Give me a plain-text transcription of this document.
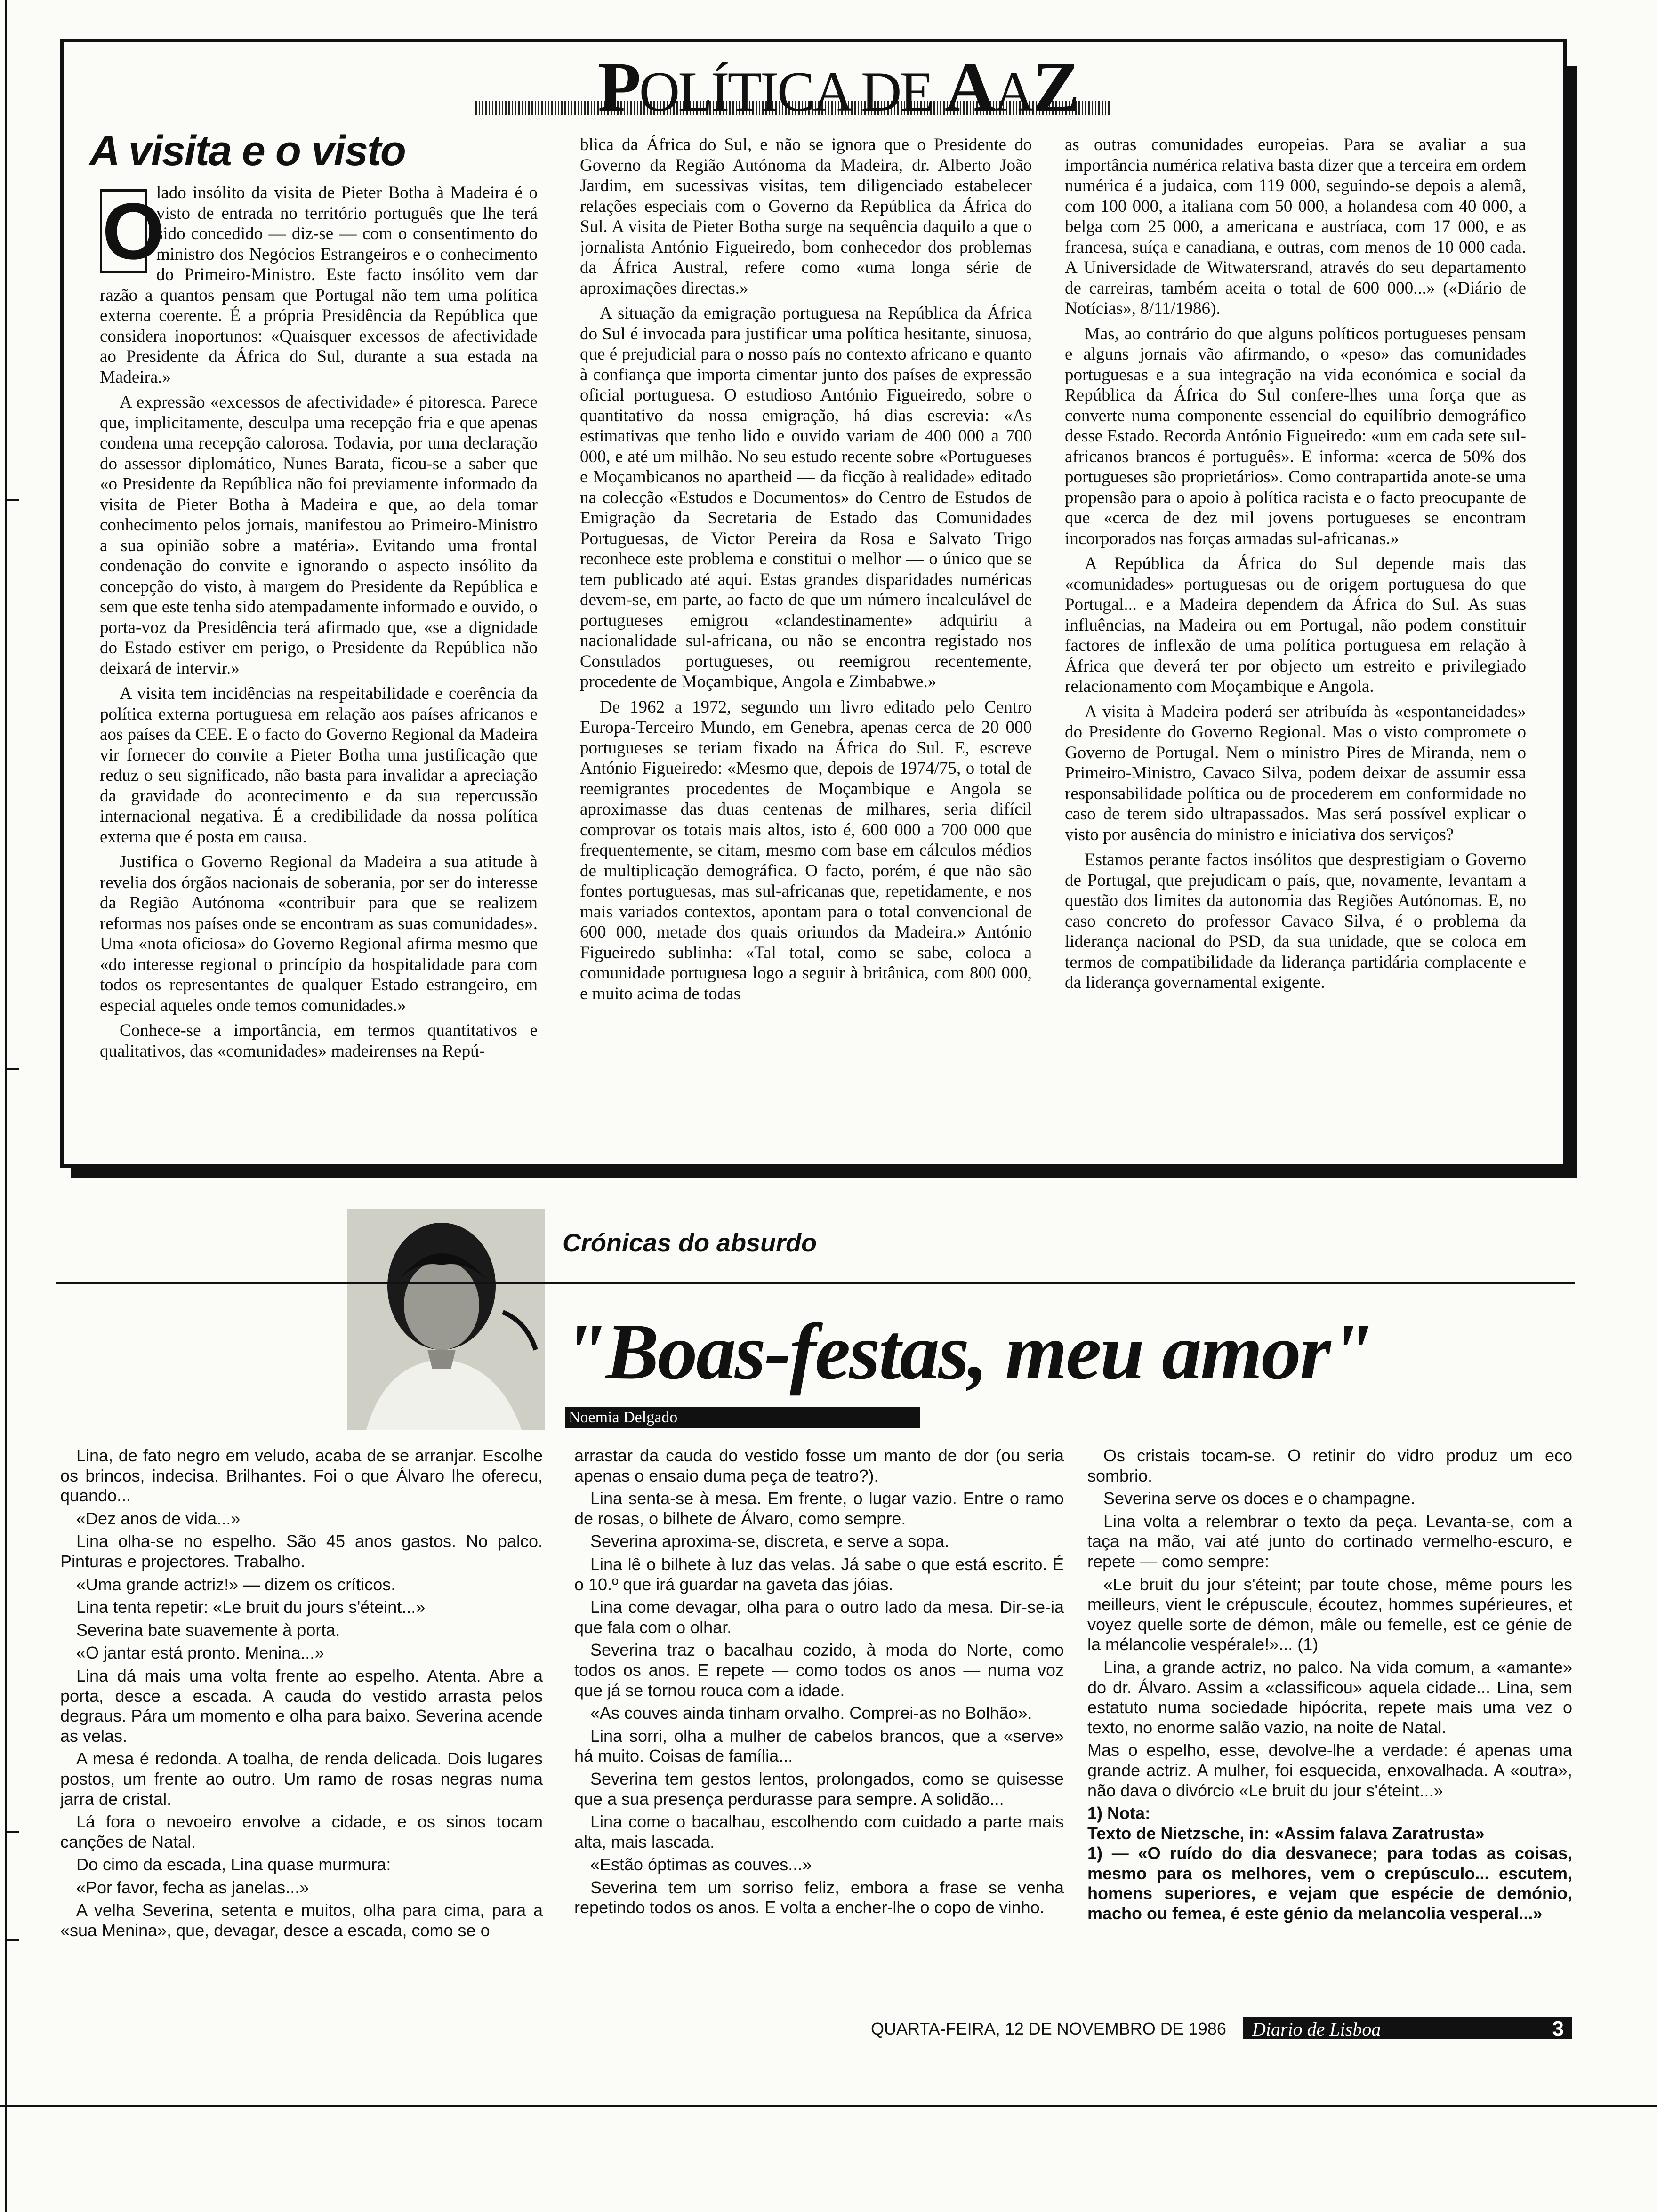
POLÍTICA DE AAZ
A visita e o visto
O

lado insólito da visita de Pieter Botha à Madeira é o visto de entrada no território português que lhe terá sido concedido — diz-se — com o consentimento do ministro dos Negócios Estrangeiros e o conhecimento do Primeiro-Ministro. Este facto insólito vem dar razão a quantos pensam que Portugal não tem uma política externa coerente. É a própria Presidência da República que considera inoportunos: «Quaisquer excessos de afectividade ao Presidente da África do Sul, durante a sua estada na Madeira.»

A expressão «excessos de afectividade» é pitoresca. Parece que, implicitamente, desculpa uma recepção fria e que apenas condena uma recepção calorosa. Todavia, por uma declaração do assessor diplomático, Nunes Barata, ficou-se a saber que «o Presidente da República não foi previamente informado da visita de Pieter Botha à Madeira e que, ao dela tomar conhecimento pelos jornais, manifestou ao Primeiro-Ministro a sua opinião sobre a matéria». Evitando uma frontal condenação do convite e ignorando o aspecto insólito da concepção do visto, à margem do Presidente da República e sem que este tenha sido atempadamente informado e ouvido, o porta-voz da Presidência terá afirmado que, «se a dignidade do Estado estiver em perigo, o Presidente da República não deixará de intervir.»

A visita tem incidências na respeitabilidade e coerência da política externa portuguesa em relação aos países africanos e aos países da CEE. E o facto do Governo Regional da Madeira vir fornecer do convite a Pieter Botha uma justificação que reduz o seu significado, não basta para invalidar a apreciação da gravidade do acontecimento e da sua repercussão internacional negativa. É a credibilidade da nossa política externa que é posta em causa.

Justifica o Governo Regional da Madeira a sua atitude à revelia dos órgãos nacionais de soberania, por ser do interesse da Região Autónoma «contribuir para que se realizem reformas nos países onde se encontram as suas comunidades». Uma «nota oficiosa» do Governo Regional afirma mesmo que «do interesse regional o princípio da hospitalidade para com todos os representantes de qualquer Estado estrangeiro, em especial aqueles onde temos comunidades.»

Conhece-se a importância, em termos quantitativos e qualitativos, das «comunidades» madeirenses na Repú-

blica da África do Sul, e não se ignora que o Presidente do Governo da Região Autónoma da Madeira, dr. Alberto João Jardim, em sucessivas visitas, tem diligenciado estabelecer relações especiais com o Governo da República da África do Sul. A visita de Pieter Botha surge na sequência daquilo a que o jornalista António Figueiredo, bom conhecedor dos problemas da África Austral, refere como «uma longa série de aproximações directas.»

A situação da emigração portuguesa na República da África do Sul é invocada para justificar uma política hesitante, sinuosa, que é prejudicial para o nosso país no contexto africano e quanto à confiança que importa cimentar junto dos países de expressão oficial portuguesa. O estudioso António Figueiredo, sobre o quantitativo da nossa emigração, há dias escrevia: «As estimativas que tenho lido e ouvido variam de 400 000 a 700 000, e até um milhão. No seu estudo recente sobre «Portugueses e Moçambicanos no apartheid — da ficção à realidade» editado na colecção «Estudos e Documentos» do Centro de Estudos de Emigração da Secretaria de Estado das Comunidades Portuguesas, de Victor Pereira da Rosa e Salvato Trigo reconhece este problema e constitui o melhor — o único que se tem publicado até aqui. Estas grandes disparidades numéricas devem-se, em parte, ao facto de que um número incalculável de portugueses emigrou «clandestinamente» adquiriu a nacionalidade sul-africana, ou não se encontra registado nos Consulados portugueses, ou reemigrou recentemente, procedente de Moçambique, Angola e Zimbabwe.»

De 1962 a 1972, segundo um livro editado pelo Centro Europa-Terceiro Mundo, em Genebra, apenas cerca de 20 000 portugueses se teriam fixado na África do Sul. E, escreve António Figueiredo: «Mesmo que, depois de 1974/75, o total de reemigrantes procedentes de Moçambique e Angola se aproximasse das duas centenas de milhares, seria difícil comprovar os totais mais altos, isto é, 600 000 a 700 000 que frequentemente, se citam, mesmo com base em cálculos médios de multiplicação demográfica. O facto, porém, é que não são fontes portuguesas, mas sul-africanas que, repetidamente, e nos mais variados contextos, apontam para o total convencional de 600 000, metade dos quais oriundos da Madeira.» António Figueiredo sublinha: «Tal total, como se sabe, coloca a comunidade portuguesa logo a seguir à britânica, com 800 000, e muito acima de todas

as outras comunidades europeias. Para se avaliar a sua importância numérica relativa basta dizer que a terceira em ordem numérica é a judaica, com 119 000, seguindo-se depois a alemã, com 100 000, a italiana com 50 000, a holandesa com 40 000, a belga com 25 000, a americana e austríaca, com 17 000, e as francesa, suíça e canadiana, e outras, com menos de 10 000 cada. A Universidade de Witwatersrand, através do seu departamento de carreiras, também aceita o total de 600 000...» («Diário de Notícias», 8/11/1986).

Mas, ao contrário do que alguns políticos portugueses pensam e alguns jornais vão afirmando, o «peso» das comunidades portuguesas e a sua integração na vida económica e social da República da África do Sul confere-lhes uma força que as converte numa componente essencial do equilíbrio demográfico desse Estado. Recorda António Figueiredo: «um em cada sete sul-africanos brancos é português». E informa: «cerca de 50% dos portugueses são proprietários». Como contrapartida anote-se uma propensão para o apoio à política racista e o facto preocupante de que «cerca de dez mil jovens portugueses se encontram incorporados nas forças armadas sul-africanas.»

A República da África do Sul depende mais das «comunidades» portuguesas ou de origem portuguesa do que Portugal... e a Madeira dependem da África do Sul. As suas influências, na Madeira ou em Portugal, não podem constituir factores de inflexão de uma política portuguesa em relação à África que deverá ter por objecto um estreito e privilegiado relacionamento com Moçambique e Angola.

A visita à Madeira poderá ser atribuída às «espontaneidades» do Presidente do Governo Regional. Mas o visto compromete o Governo de Portugal. Nem o ministro Pires de Miranda, nem o Primeiro-Ministro, Cavaco Silva, podem deixar de assumir essa responsabilidade política ou de procederem em conformidade no caso de terem sido ultrapassados. Mas será possível explicar o visto por ausência do ministro e iniciativa dos serviços?

Estamos perante factos insólitos que desprestigiam o Governo de Portugal, que prejudicam o país, que, novamente, levantam a questão dos limites da autonomia das Regiões Autónomas. E, no caso concreto do professor Cavaco Silva, é o problema da liderança nacional do PSD, da sua unidade, que se coloca em termos de compatibilidade da liderança partidária complacente e da liderança governamental exigente.

Crónicas do absurdo
"Boas-festas, meu amor"
Noemia Delgado

Lina, de fato negro em veludo, acaba de se arranjar. Escolhe os brincos, indecisa. Brilhantes. Foi o que Álvaro lhe oferecu, quando...

«Dez anos de vida...»

Lina olha-se no espelho. São 45 anos gastos. No palco. Pinturas e projectores. Trabalho.

«Uma grande actriz!» — dizem os críticos.

Lina tenta repetir: «Le bruit du jours s'éteint...»

Severina bate suavemente à porta.

«O jantar está pronto. Menina...»

Lina dá mais uma volta frente ao espelho. Atenta. Abre a porta, desce a escada. A cauda do vestido arrasta pelos degraus. Pára um momento e olha para baixo. Severina acende as velas.

A mesa é redonda. A toalha, de renda delicada. Dois lugares postos, um frente ao outro. Um ramo de rosas negras numa jarra de cristal.

Lá fora o nevoeiro envolve a cidade, e os sinos tocam canções de Natal.

Do cimo da escada, Lina quase murmura:

«Por favor, fecha as janelas...»

A velha Severina, setenta e muitos, olha para cima, para a «sua Menina», que, devagar, desce a escada, como se o

arrastar da cauda do vestido fosse um manto de dor (ou seria apenas o ensaio duma peça de teatro?).

Lina senta-se à mesa. Em frente, o lugar vazio. Entre o ramo de rosas, o bilhete de Álvaro, como sempre.

Severina aproxima-se, discreta, e serve a sopa.

Lina lê o bilhete à luz das velas. Já sabe o que está escrito. É o 10.º que irá guardar na gaveta das jóias.

Lina come devagar, olha para o outro lado da mesa. Dir-se-ia que fala com o olhar.

Severina traz o bacalhau cozido, à moda do Norte, como todos os anos. E repete — como todos os anos — numa voz que já se tornou rouca com a idade.

«As couves ainda tinham orvalho. Comprei-as no Bolhão».

Lina sorri, olha a mulher de cabelos brancos, que a «serve» há muito. Coisas de família...

Severina tem gestos lentos, prolongados, como se quisesse que a sua presença perdurasse para sempre. A solidão...

Lina come o bacalhau, escolhendo com cuidado a parte mais alta, mais lascada.

«Estão óptimas as couves...»

Severina tem um sorriso feliz, embora a frase se venha repetindo todos os anos. E volta a encher-lhe o copo de vinho.

Os cristais tocam-se. O retinir do vidro produz um eco sombrio.

Severina serve os doces e o champagne.

Lina volta a relembrar o texto da peça. Levanta-se, com a taça na mão, vai até junto do cortinado vermelho-escuro, e repete — como sempre:

«Le bruit du jour s'éteint; par toute chose, même pours les meilleurs, vient le crépuscule, écoutez, hommes supérieures, et voyez quelle sorte de démon, mâle ou femelle, est ce génie de la mélancolie vespérale!»... (1)

Lina, a grande actriz, no palco. Na vida comum, a «amante» do dr. Álvaro. Assim a «classificou» aquela cidade... Lina, sem estatuto numa sociedade hipócrita, repete mais uma vez o texto, no enorme salão vazio, na noite de Natal.

Mas o espelho, esse, devolve-lhe a verdade: é apenas uma grande actriz. A mulher, foi esquecida, enxovalhada. A «outra», não dava o divórcio «Le bruit du jour s'éteint...»

1) Nota:

Texto de Nietzsche, in: «Assim falava Zaratrusta»

1) — «O ruído do dia desvanece; para todas as coisas, mesmo para os melhores, vem o crepúsculo... escutem, homens superiores, e vejam que espécie de demónio, macho ou femea, é este génio da melancolia vesperal...»

QUARTA-FEIRA, 12 DE NOVEMBRO DE 1986 Diario de Lisboa	3
